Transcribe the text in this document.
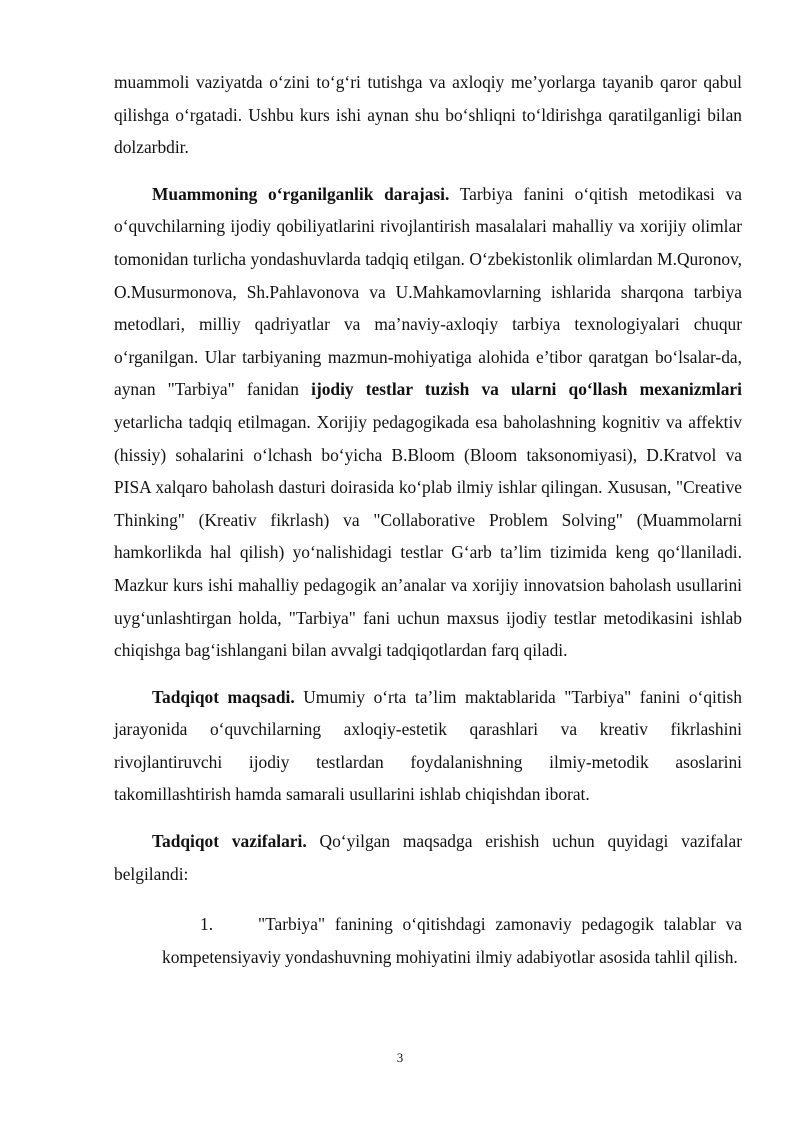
muammoli vaziyatda o‘zini to‘g‘ri tutishga va axloqiy me’yorlarga tayanib qaror qabul qilishga o‘rgatadi. Ushbu kurs ishi aynan shu bo‘shliqni to‘ldirishga qaratilganligi bilan dolzarbdir.

Muammoning o‘rganilganlik darajasi. Tarbiya fanini o‘qitish metodikasi va o‘quvchilarning ijodiy qobiliyatlarini rivojlantirish masalalari mahalliy va xorijiy olimlar tomonidan turlicha yondashuvlarda tadqiq etilgan. O‘zbekistonlik olimlardan M.Quronov, O.Musurmonova, Sh.Pahlavonova va U.Mahkamovlarning ishlarida sharqona tarbiya metodlari, milliy qadriyatlar va ma’naviy-axloqiy tarbiya texnologiyalari chuqur o‘rganilgan. Ular tarbiyaning mazmun-mohiyatiga alohida e’tibor qaratgan bo‘lsalar-da, aynan "Tarbiya" fanidan ijodiy testlar tuzish va ularni qo‘llash mexanizmlari yetarlicha tadqiq etilmagan. Xorijiy pedagogikada esa baholashning kognitiv va affektiv (hissiy) sohalarini o‘lchash bo‘yicha B.Bloom (Bloom taksonomiyasi), D.Kratvol va PISA xalqaro baholash dasturi doirasida ko‘plab ilmiy ishlar qilingan. Xususan, "Creative Thinking" (Kreativ fikrlash) va "Collaborative Problem Solving" (Muammolarni hamkorlikda hal qilish) yo‘nalishidagi testlar G‘arb ta’lim tizimida keng qo‘llaniladi. Mazkur kurs ishi mahalliy pedagogik an’analar va xorijiy innovatsion baholash usullarini uyg‘unlashtirgan holda, "Tarbiya" fani uchun maxsus ijodiy testlar metodikasini ishlab chiqishga bag‘ishlangani bilan avvalgi tadqiqotlardan farq qiladi.

Tadqiqot maqsadi. Umumiy o‘rta ta’lim maktablarida "Tarbiya" fanini o‘qitish jarayonida o‘quvchilarning axloqiy-estetik qarashlari va kreativ fikrlashini rivojlantiruvchi ijodiy testlardan foydalanishning ilmiy-metodik asoslarini takomillashtirish hamda samarali usullarini ishlab chiqishdan iborat.

Tadqiqot vazifalari. Qo‘yilgan maqsadga erishish uchun quyidagi vazifalar belgilandi:

1.	"Tarbiya" fanining o‘qitishdagi zamonaviy pedagogik talablar va kompetensiyaviy yondashuvning mohiyatini ilmiy adabiyotlar asosida tahlil qilish.

3
